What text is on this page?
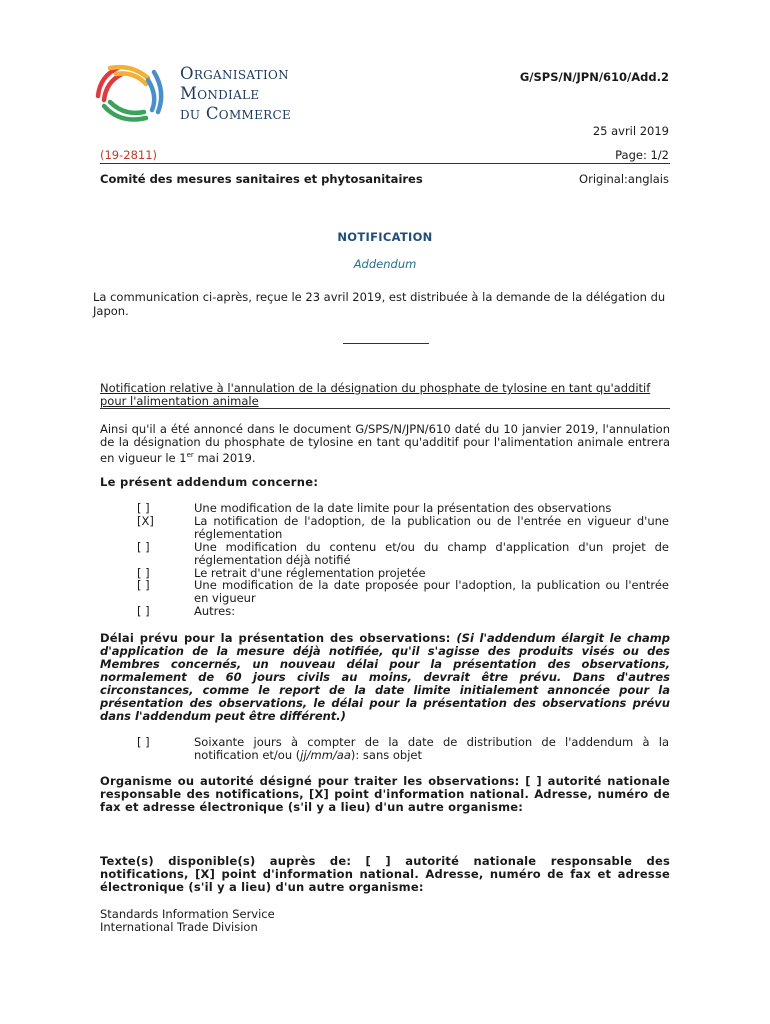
Organisation
Mondiale
du Commerce
G/SPS/N/JPN/610/Add.2
25 avril 2019
(19-2811)	Page: 1/2
Comité des mesures sanitaires et phytosanitaires	Original:anglais
NOTIFICATION
Addendum
La communication ci-après, reçue le 23 avril 2019, est distribuée à la demande de la délégation du Japon.
Notification relative à l'annulation de la désignation du phosphate de tylosine en tant qu'additif pour l'alimentation animale
Ainsi qu'il a été annoncé dans le document G/SPS/N/JPN/610 daté du 10 janvier 2019, l'annulation de la désignation du phosphate de tylosine en tant qu'additif pour l'alimentation animale entrera en vigueur le 1er mai 2019.
Le présent addendum concerne:
[ ]	Une modification de la date limite pour la présentation des observations
[X]	La notification de l'adoption, de la publication ou de l'entrée en vigueur d'une réglementation
[ ]	Une modification du contenu et/ou du champ d'application d'un projet de réglementation déjà notifié
[ ]	Le retrait d'une réglementation projetée
[ ]	Une modification de la date proposée pour l'adoption, la publication ou l'entrée en vigueur
[ ]	Autres:
Délai prévu pour la présentation des observations: (Si l'addendum élargit le champ d'application de la mesure déjà notifiée, qu'il s'agisse des produits visés ou des Membres concernés, un nouveau délai pour la présentation des observations, normalement de 60 jours civils au moins, devrait être prévu. Dans d'autres circonstances, comme le report de la date limite initialement annoncée pour la présentation des observations, le délai pour la présentation des observations prévu dans l'addendum peut être différent.)
[ ]	Soixante jours à compter de la date de distribution de l'addendum à la notification et/ou (jj/mm/aa): sans objet
Organisme ou autorité désigné pour traiter les observations: [ ] autorité nationale responsable des notifications, [X] point d'information national. Adresse, numéro de fax et adresse électronique (s'il y a lieu) d'un autre organisme:
Texte(s) disponible(s) auprès de: [ ] autorité nationale responsable des notifications, [X] point d'information national. Adresse, numéro de fax et adresse électronique (s'il y a lieu) d'un autre organisme:
Standards Information Service
International Trade Division
